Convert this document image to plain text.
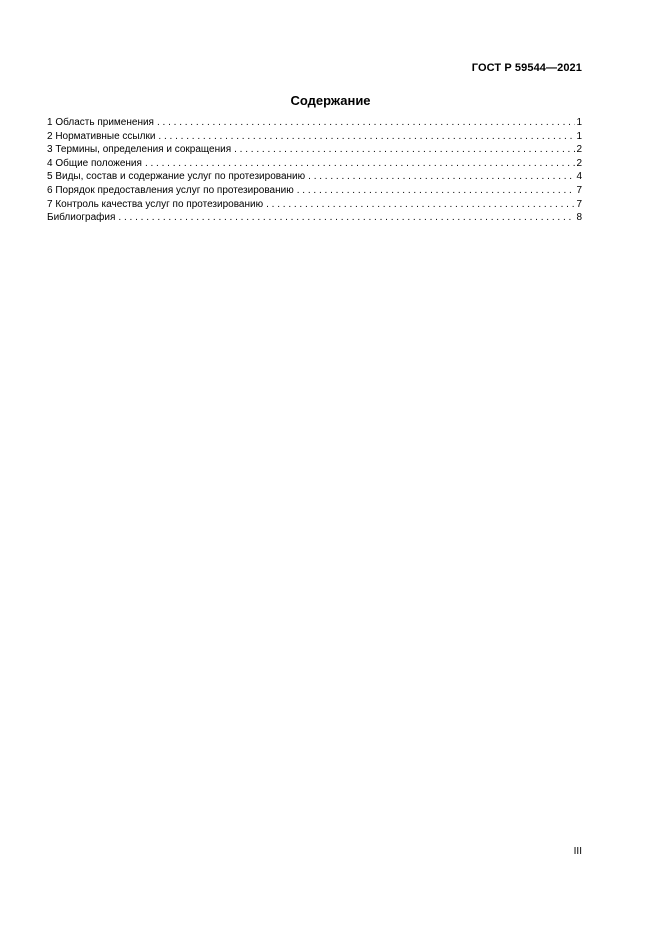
ГОСТ Р 59544—2021
Содержание
1 Область применения . . .	1
2 Нормативные ссылки . . .	1
3 Термины, определения и сокращения . . .	2
4 Общие положения . . .	2
5 Виды, состав и содержание услуг по протезированию . . .	4
6 Порядок предоставления услуг по протезированию . . .	7
7 Контроль качества услуг по протезированию . . .	7
Библиография . . .	8
III
